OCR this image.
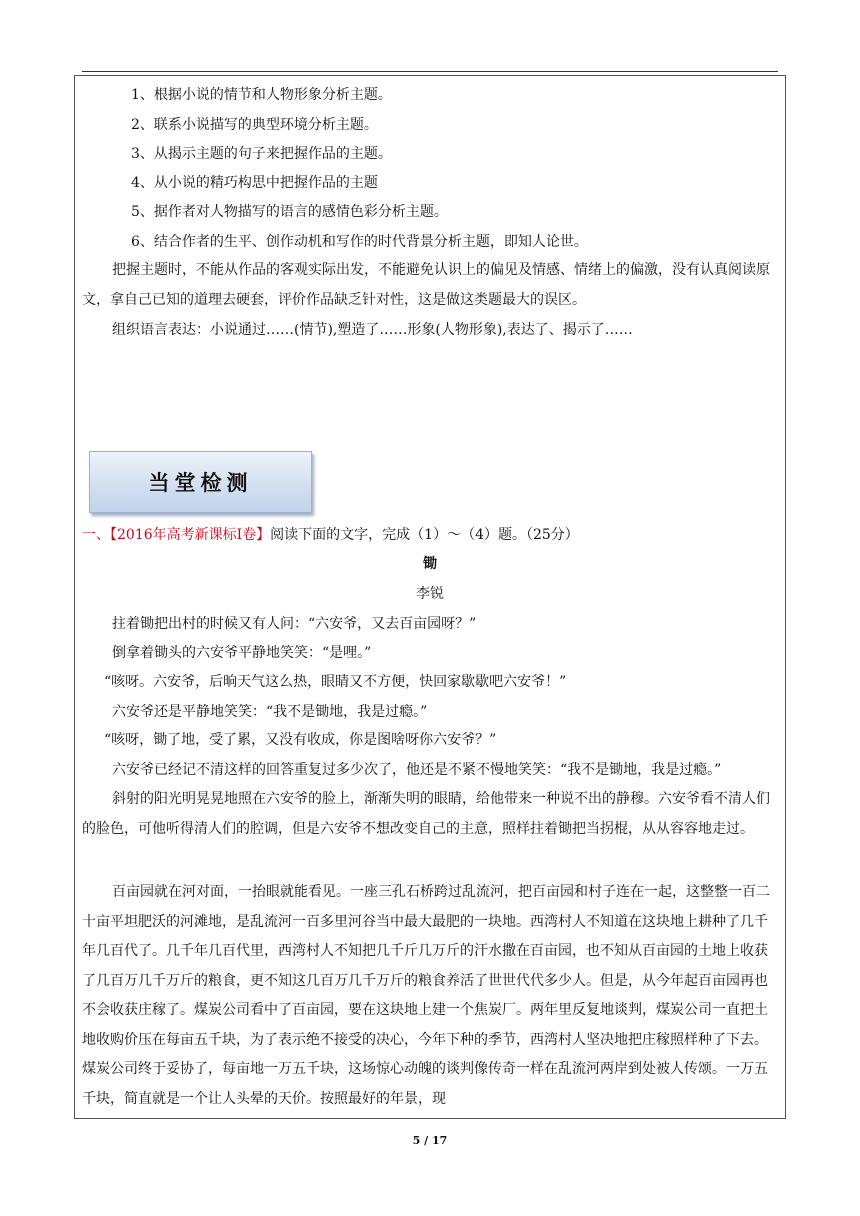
1、根据小说的情节和人物形象分析主题。
2、联系小说描写的典型环境分析主题。
3、从揭示主题的句子来把握作品的主题。
4、从小说的精巧构思中把握作品的主题
5、据作者对人物描写的语言的感情色彩分析主题。
6、结合作者的生平、创作动机和写作的时代背景分析主题，即知人论世。
把握主题时，不能从作品的客观实际出发，不能避免认识上的偏见及情感、情绪上的偏激，没有认真阅读原文，拿自己已知的道理去硬套，评价作品缺乏针对性，这是做这类题最大的误区。
组织语言表达：小说通过……(情节),塑造了……形象(人物形象),表达了、揭示了……
当堂检测
一、【2016年高考新课标Ⅰ卷】阅读下面的文字，完成（1）～（4）题。（25分）
锄
李锐
拄着锄把出村的时候又有人问：“六安爷，又去百亩园呀？”
倒拿着锄头的六安爷平静地笑笑：“是哩。”
“咳呀。六安爷，后晌天气这么热，眼睛又不方便，快回家歇歇吧六安爷！”
六安爷还是平静地笑笑：“我不是锄地，我是过瘾。”
“咳呀，锄了地，受了累，又没有收成，你是图啥呀你六安爷？”
六安爷已经记不清这样的回答重复过多少次了，他还是不紧不慢地笑笑：“我不是锄地，我是过瘾。”
斜射的阳光明晃晃地照在六安爷的脸上，渐渐失明的眼睛，给他带来一种说不出的静穆。六安爷看不清人们的脸色，可他听得清人们的腔调，但是六安爷不想改变自己的主意，照样拄着锄把当拐棍，从从容容地走过。
百亩园就在河对面，一抬眼就能看见。一座三孔石桥跨过乱流河，把百亩园和村子连在一起，这整整一百二十亩平坦肥沃的河滩地，是乱流河一百多里河谷当中最大最肥的一块地。西湾村人不知道在这块地上耕种了几千年几百代了。几千年几百代里，西湾村人不知把几千斤几万斤的汗水撒在百亩园，也不知从百亩园的土地上收获了几百万几千万斤的粮食，更不知这几百万几千万斤的粮食养活了世世代代多少人。但是，从今年起百亩园再也不会收获庄稼了。煤炭公司看中了百亩园，要在这块地上建一个焦炭厂。两年里反复地谈判，煤炭公司一直把土地收购价压在每亩五千块，为了表示绝不接受的决心，今年下种的季节，西湾村人坚决地把庄稼照样种了下去。煤炭公司终于妥协了，每亩地一万五千块，这场惊心动魄的谈判像传奇一样在乱流河两岸到处被人传颂。一万五千块，简直就是一个让人头晕的天价。按照最好的年景，现
5 / 17
